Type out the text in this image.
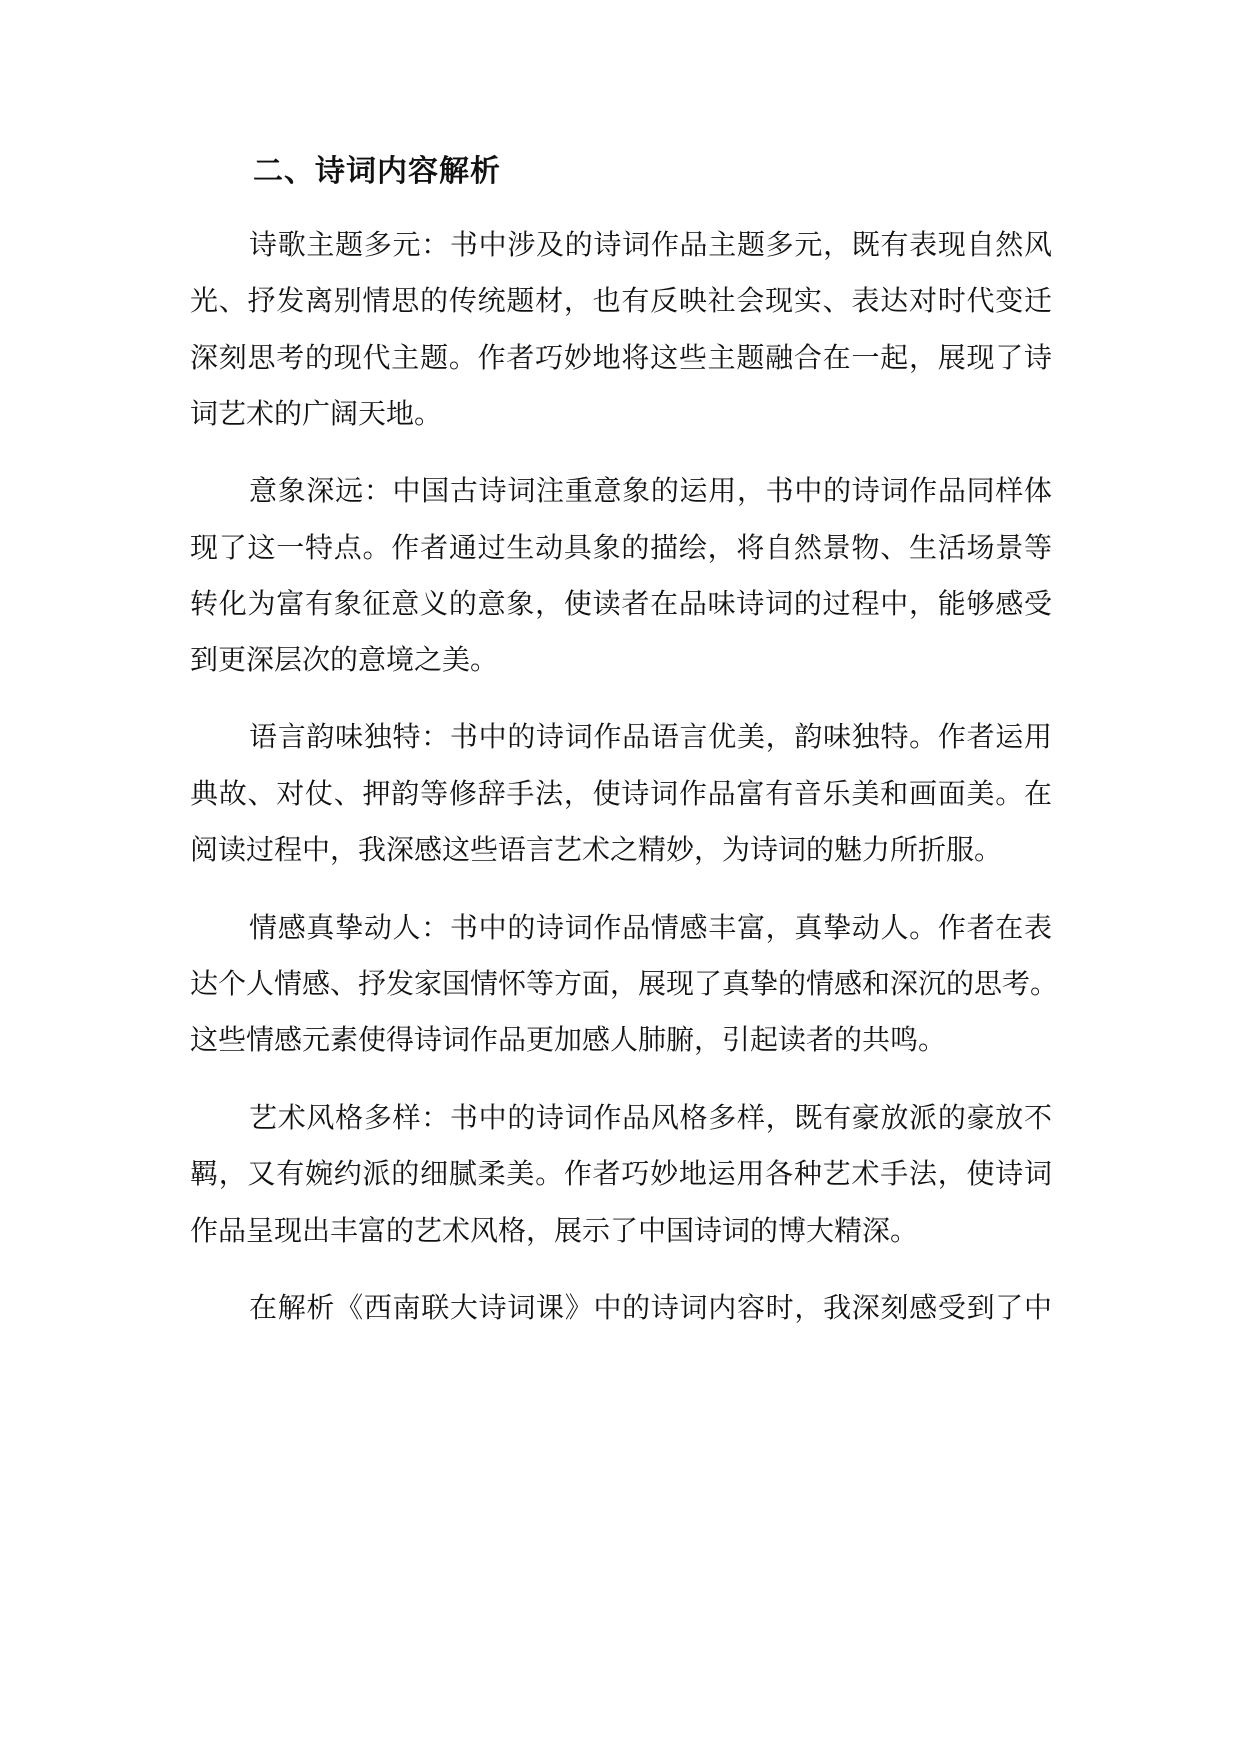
二、诗词内容解析
诗歌主题多元：书中涉及的诗词作品主题多元，既有表现自然风
光、抒发离别情思的传统题材，也有反映社会现实、表达对时代变迁
深刻思考的现代主题。作者巧妙地将这些主题融合在一起，展现了诗
词艺术的广阔天地。
意象深远：中国古诗词注重意象的运用，书中的诗词作品同样体
现了这一特点。作者通过生动具象的描绘，将自然景物、生活场景等
转化为富有象征意义的意象，使读者在品味诗词的过程中，能够感受
到更深层次的意境之美。
语言韵味独特：书中的诗词作品语言优美，韵味独特。作者运用
典故、对仗、押韵等修辞手法，使诗词作品富有音乐美和画面美。在
阅读过程中，我深感这些语言艺术之精妙，为诗词的魅力所折服。
情感真挚动人：书中的诗词作品情感丰富，真挚动人。作者在表
达个人情感、抒发家国情怀等方面，展现了真挚的情感和深沉的思考。
这些情感元素使得诗词作品更加感人肺腑，引起读者的共鸣。
艺术风格多样：书中的诗词作品风格多样，既有豪放派的豪放不
羁，又有婉约派的细腻柔美。作者巧妙地运用各种艺术手法，使诗词
作品呈现出丰富的艺术风格，展示了中国诗词的博大精深。
在解析《西南联大诗词课》中的诗词内容时，我深刻感受到了中
